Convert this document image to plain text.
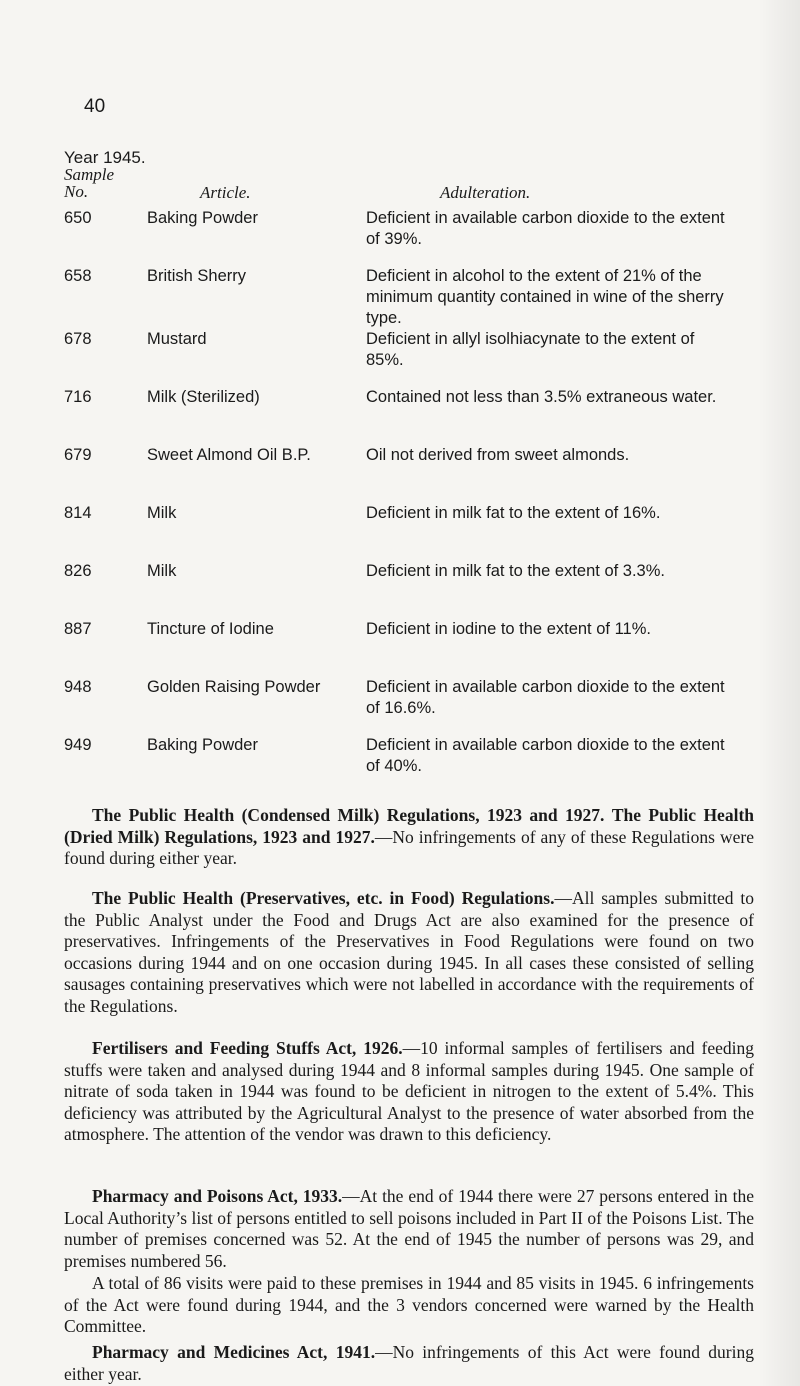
40
Year 1945.
Sample
No.	Article.	Adulteration.
650	Baking Powder	Deficient in available carbon dioxide to the extent of 39%.
658	British Sherry	Deficient in alcohol to the extent of 21% of the minimum quantity contained in wine of the sherry type.
678	Mustard	Deficient in allyl isolhiacynate to the extent of 85%.
716	Milk (Sterilized)	Contained not less than 3.5% extraneous water.
679	Sweet Almond Oil B.P.	Oil not derived from sweet almonds.
814	Milk	Deficient in milk fat to the extent of 16%.
826	Milk	Deficient in milk fat to the extent of 3.3%.
887	Tincture of Iodine	Deficient in iodine to the extent of 11%.
948	Golden Raising Powder	Deficient in available carbon dioxide to the extent of 16.6%.
949	Baking Powder	Deficient in available carbon dioxide to the extent of 40%.
The Public Health (Condensed Milk) Regulations, 1923 and 1927. The Public Health (Dried Milk) Regulations, 1923 and 1927.—No infringements of any of these Regulations were found during either year.
The Public Health (Preservatives, etc. in Food) Regulations.—All samples submitted to the Public Analyst under the Food and Drugs Act are also examined for the presence of preservatives. Infringements of the Preservatives in Food Regulations were found on two occasions during 1944 and on one occasion during 1945. In all cases these consisted of selling sausages containing preservatives which were not labelled in accordance with the requirements of the Regulations.
Fertilisers and Feeding Stuffs Act, 1926.—10 informal samples of fertilisers and feeding stuffs were taken and analysed during 1944 and 8 informal samples during 1945. One sample of nitrate of soda taken in 1944 was found to be deficient in nitrogen to the extent of 5.4%. This deficiency was attributed by the Agricultural Analyst to the presence of water absorbed from the atmosphere. The attention of the vendor was drawn to this deficiency.
Pharmacy and Poisons Act, 1933.—At the end of 1944 there were 27 persons entered in the Local Authority’s list of persons entitled to sell poisons included in Part II of the Poisons List. The number of premises concerned was 52. At the end of 1945 the number of persons was 29, and premises numbered 56.
A total of 86 visits were paid to these premises in 1944 and 85 visits in 1945. 6 infringements of the Act were found during 1944, and the 3 vendors concerned were warned by the Health Committee.
Pharmacy and Medicines Act, 1941.—No infringements of this Act were found during either year.
